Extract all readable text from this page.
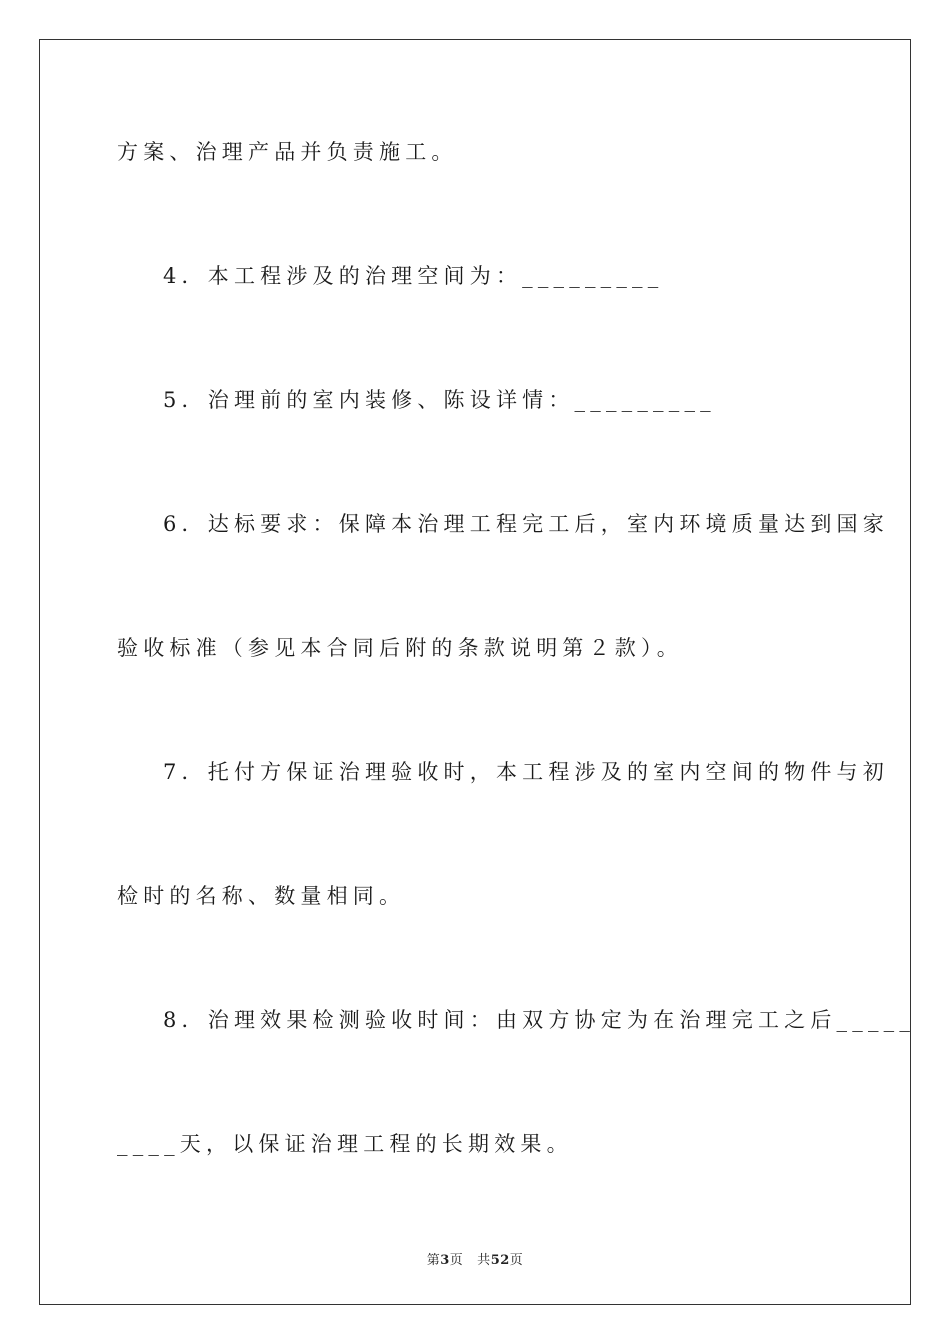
方案、治理产品并负责施工。
4．本工程涉及的治理空间为：_________
5．治理前的室内装修、陈设详情：_________
6．达标要求：保障本治理工程完工后，室内环境质量达到国家
验收标准（参见本合同后附的条款说明第２款）。
7．托付方保证治理验收时，本工程涉及的室内空间的物件与初
检时的名称、数量相同。
8．治理效果检测验收时间：由双方协定为在治理完工之后_____
____天，以保证治理工程的长期效果。
第3页 共52页
